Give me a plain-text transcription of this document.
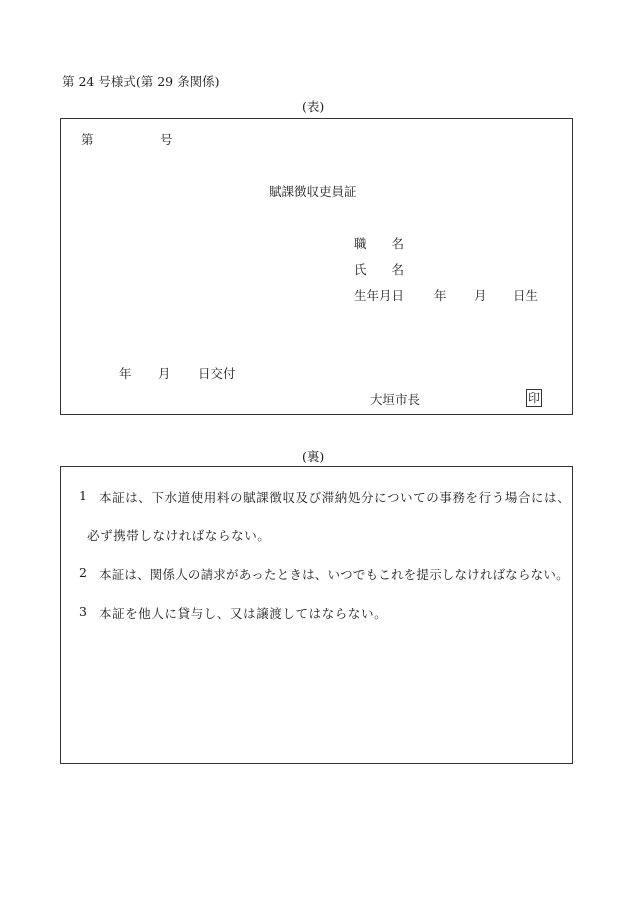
第 24 号様式(第 29 条関係)
(表)
第	号
賦課徴収吏員証
職　　名
氏　　名
生年月日 年 月 日生
年 月 日交付
大垣市長	印
(裏)
1 本証は、下水道使用料の賦課徴収及び滞納処分についての事務を行う場合には、
必ず携帯しなければならない。
2 本証は、関係人の請求があったときは、いつでもこれを提示しなければならない。
3 本証を他人に貸与し、又は譲渡してはならない。
